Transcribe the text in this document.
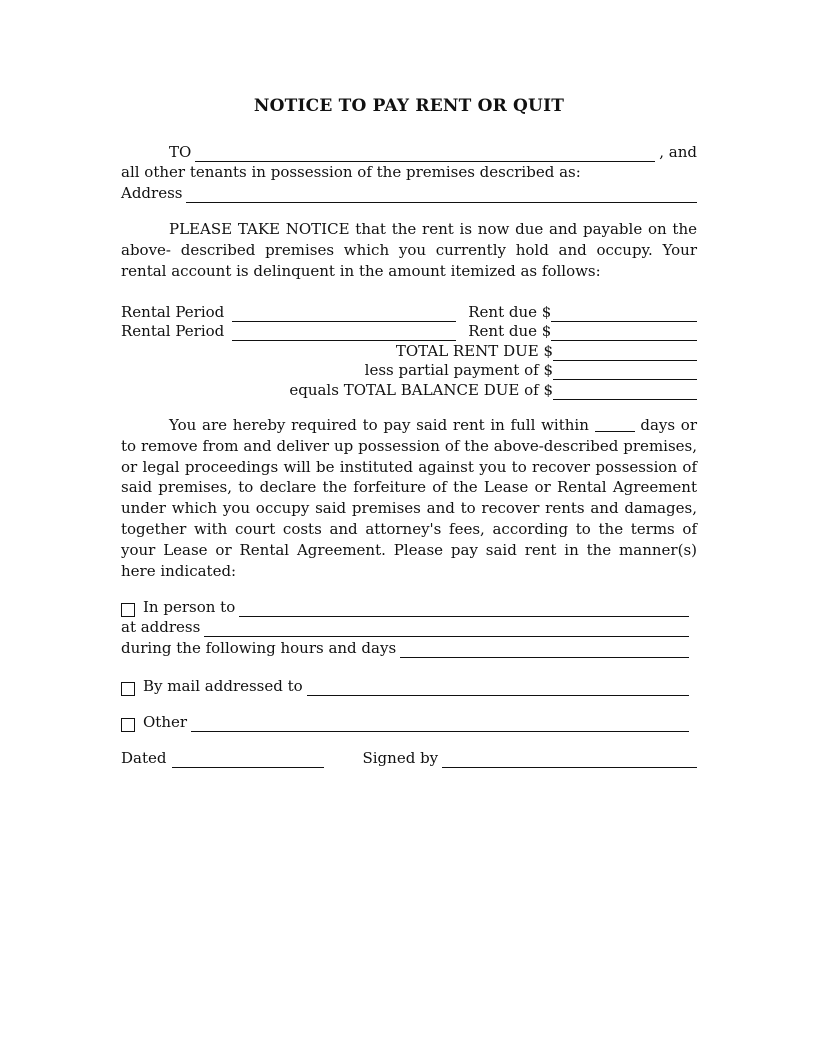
NOTICE TO PAY RENT OR QUIT
TO	, and
all other tenants in possession of the premises described as:
Address
PLEASE TAKE NOTICE that the rent is now due and payable on the above- described premises which you currently hold and occupy. Your rental account is delinquent in the amount itemized as follows:
Rental Period	Rent due $
Rental Period	Rent due $
TOTAL RENT DUE $
less partial payment of $
equals TOTAL BALANCE DUE of $
You are hereby required to pay said rent in full within	days or to remove from and deliver up possession of the above-described premises, or legal proceedings will be instituted against you to recover possession of said premises, to declare the forfeiture of the Lease or Rental Agreement under which you occupy said premises and to recover rents and damages, together with court costs and attorney's fees, according to the terms of your Lease or Rental Agreement. Please pay said rent in the manner(s) here indicated:
In person to
at address
during the following hours and days
By mail addressed to
Other
Dated	Signed by
